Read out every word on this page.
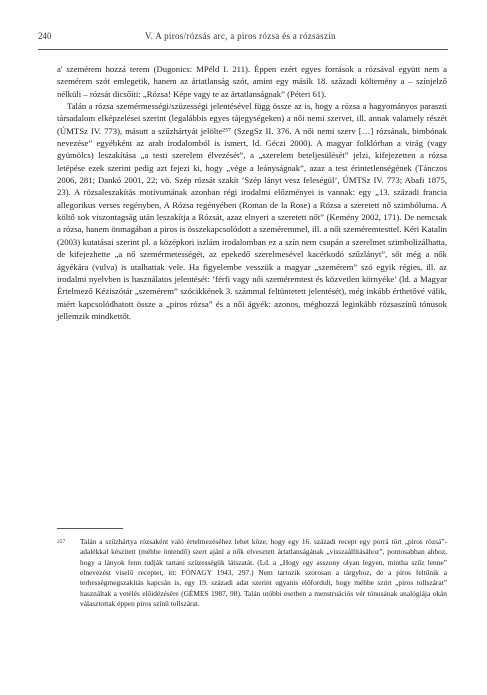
240	V. A piros/rózsás arc, a piros rózsa és a rózsaszín

a' szemérem hozzá terem (Dugonics: MPéld I. 211). Éppen ezért egyes források a rózsával együtt nem a szemérem szót emlegetik, hanem az ártatlanság szót, amint egy másik 18. századi költemény a – színjelző nélküli – rózsát dicsőíti: „Rózsa! Képe vagy te az ártatlanságnak” (Péteri 61).

Talán a rózsa szemérmességi/szüzességi jelentésével függ össze az is, hogy a rózsa a hagyományos paraszti társadalom elképzelései szerint (legalábbis egyes tájegységeken) a női nemi szervet, ill. annak valamely részét (ÚMTSz IV. 773), másutt a szűzhártyát jelölte²⁵⁷ (SzegSz II. 376. A női nemi szerv […] rózsának, bimbónak nevezése” egyébként az arab irodalomból is ismert, ld. Géczi 2000). A magyar folklórban a virág (vagy gyümölcs) leszakítása „a testi szerelem élvezését”, a „szerelem beteljesülését” jelzi, kifejezetten a rózsa letépése ezek szerint pedig azt fejezi ki, hogy „vége a leányságnak”, azaz a test érintetlenségének (Tánczos 2006, 281; Dankó 2001, 22; vö. Szép rózsát szakít ’Szép lányt vesz feleségül’, ÚMTSz IV. 773; Abafi 1875, 23). A rózsaleszakítás motívumának azonban régi irodalmi előzményei is vannak: egy „13. századi francia allegorikus verses regényben, A Rózsa regényében (Roman de la Rose) a Rózsa a szeretett nő szimbóluma. A költő sok viszontagság után leszakítja a Rózsát, azaz elnyeri a szeretett nőt” (Kemény 2002, 171). De nemcsak a rózsa, hanem önmagában a piros is összekapcsolódott a szeméremmel, ill. a női szeméremtesttel. Kéri Katalin (2003) kutatásai szerint pl. a középkori iszlám irodalomban ez a szín nem csupán a szerelmet szimbolizálhatta, de kifejezhette „a nő szemérmetességét, az epekedő szerelmesével kacérkodó szűzlányt”, sőt még a nők ágyékára (vulva) is utalhattak vele. Ha figyelembe vesszük a magyar „szemérem” szó egyik régies, ill. az irodalmi nyelvben is használatos jelentését: ’férfi vagy női szeméremtest és közvetlen környéke’ (ld. a Magyar Értelmező Kéziszótár „szemérem” szócikkének 3. számmal feltüntetett jelentését), még inkább érthetővé válik, miért kapcsolódhatott össze a „piros rózsa” és a női ágyék: azonos, méghozzá leginkább rózsaszínű tónusok jellemzik mindkettőt.

257 Talán a szűzhártya rózsaként való értelmezéséhez lehet köze, hogy egy 16. századi recept egy porrá tört „piros rózsá”-adalékkal készített (méhbe öntendő) szert ajánl a nők elvesztett ártatlanságának „visszaállításához”, pontosabban ahhoz, hogy a lányok fenn tudják tartani szüzességük látszatát. (Ld. a „Hogy egy asszony olyan legyen, mintha szűz lenne” elnevezést viselő receptet, itt: FÓNAGY 1943, 297.) Nem tartozik szorosan a tárgyhoz, de a piros feltűnik a terhességmegszakítás kapcsán is, egy 19. századi adat szerint ugyanis előfordult, hogy méhbe szúrt „piros tollszárat” használtak a vetélés előidézésére (GÉMES 1987, 98). Talán utóbbi esetben a menstruációs vér tónusának analógiája okán választottak éppen piros színű tollszárat.
